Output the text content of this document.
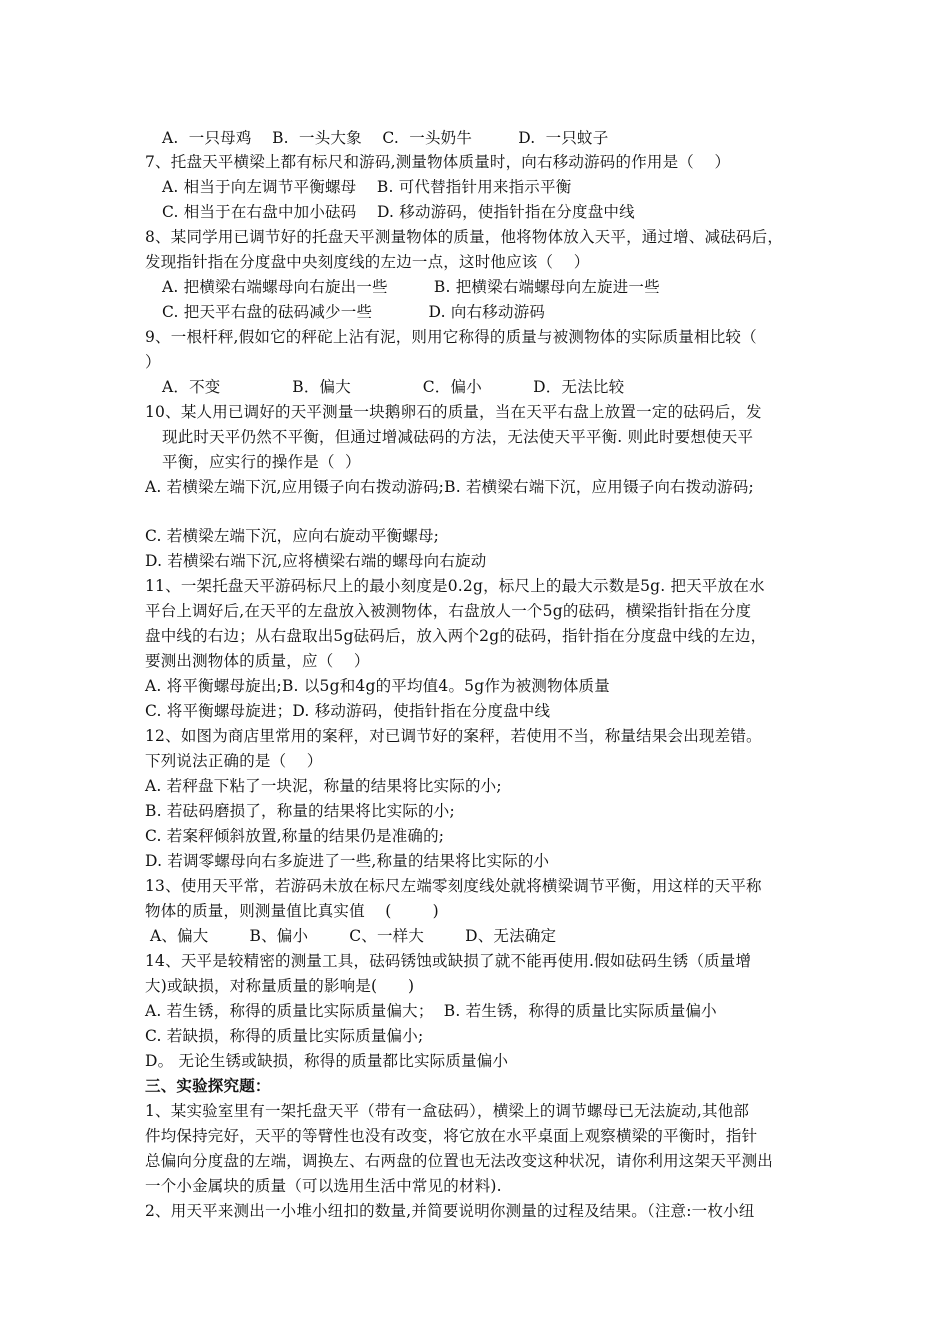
A.  一只母鸡    B.  一头大象    C.  一头奶牛         D.  一只蚊子
7、托盘天平横梁上都有标尺和游码,测量物体质量时，向右移动游码的作用是（    ）
A. 相当于向左调节平衡螺母    B. 可代替指针用来指示平衡
C. 相当于在右盘中加小砝码    D. 移动游码，使指针指在分度盘中线
8、某同学用已调节好的托盘天平测量物体的质量，他将物体放入天平，通过增、减砝码后，
发现指针指在分度盘中央刻度线的左边一点，这时他应该（    ）
A. 把横梁右端螺母向右旋出一些         B. 把横梁右端螺母向左旋进一些
C. 把天平右盘的砝码减少一些           D. 向右移动游码
9、一根杆秤,假如它的秤砣上沾有泥，则用它称得的质量与被测物体的实际质量相比较（
）
A．不变              B．偏大              C．偏小          D．无法比较
10、某人用已调好的天平测量一块鹅卵石的质量，当在天平右盘上放置一定的砝码后，发
现此时天平仍然不平衡，但通过增减砝码的方法，无法使天平平衡. 则此时要想使天平
平衡，应实行的操作是（  ）
A. 若横梁左端下沉,应用镊子向右拨动游码;B. 若横梁右端下沉，应用镊子向右拨动游码;
C. 若横梁左端下沉，应向右旋动平衡螺母;
D. 若横梁右端下沉,应将横梁右端的螺母向右旋动
11、一架托盘天平游码标尺上的最小刻度是0.2g，标尺上的最大示数是5g. 把天平放在水
平台上调好后,在天平的左盘放入被测物体，右盘放人一个5g的砝码，横梁指针指在分度
盘中线的右边；从右盘取出5g砝码后，放入两个2g的砝码，指针指在分度盘中线的左边，
要测出测物体的质量，应（    ）
A. 将平衡螺母旋出;B. 以5g和4g的平均值4。5g作为被测物体质量
C. 将平衡螺母旋进；D. 移动游码，使指针指在分度盘中线
12、如图为商店里常用的案秤，对已调节好的案秤，若使用不当，称量结果会出现差错。
下列说法正确的是（    ）
A. 若秤盘下粘了一块泥，称量的结果将比实际的小;
B. 若砝码磨损了，称量的结果将比实际的小;
C. 若案秤倾斜放置,称量的结果仍是准确的;
D. 若调零螺母向右多旋进了一些,称量的结果将比实际的小
13、使用天平常，若游码未放在标尺左端零刻度线处就将横梁调节平衡，用这样的天平称
物体的质量，则测量值比真实值    (        )
A、偏大        B、偏小        C、一样大        D、无法确定
14、天平是较精密的测量工具，砝码锈蚀或缺损了就不能再使用.假如砝码生锈（质量增
大)或缺损，对称量质量的影响是(      )
A. 若生锈，称得的质量比实际质量偏大；  B. 若生锈，称得的质量比实际质量偏小
C. 若缺损，称得的质量比实际质量偏小;
D。 无论生锈或缺损，称得的质量都比实际质量偏小
三、实验探究题：
1、某实验室里有一架托盘天平（带有一盒砝码），横梁上的调节螺母已无法旋动,其他部
件均保持完好，天平的等臂性也没有改变，将它放在水平桌面上观察横梁的平衡时，指针
总偏向分度盘的左端，调换左、右两盘的位置也无法改变这种状况，请你利用这架天平测出
一个小金属块的质量（可以选用生活中常见的材料).
2、用天平来测出一小堆小纽扣的数量,并简要说明你测量的过程及结果。（注意:一枚小纽
